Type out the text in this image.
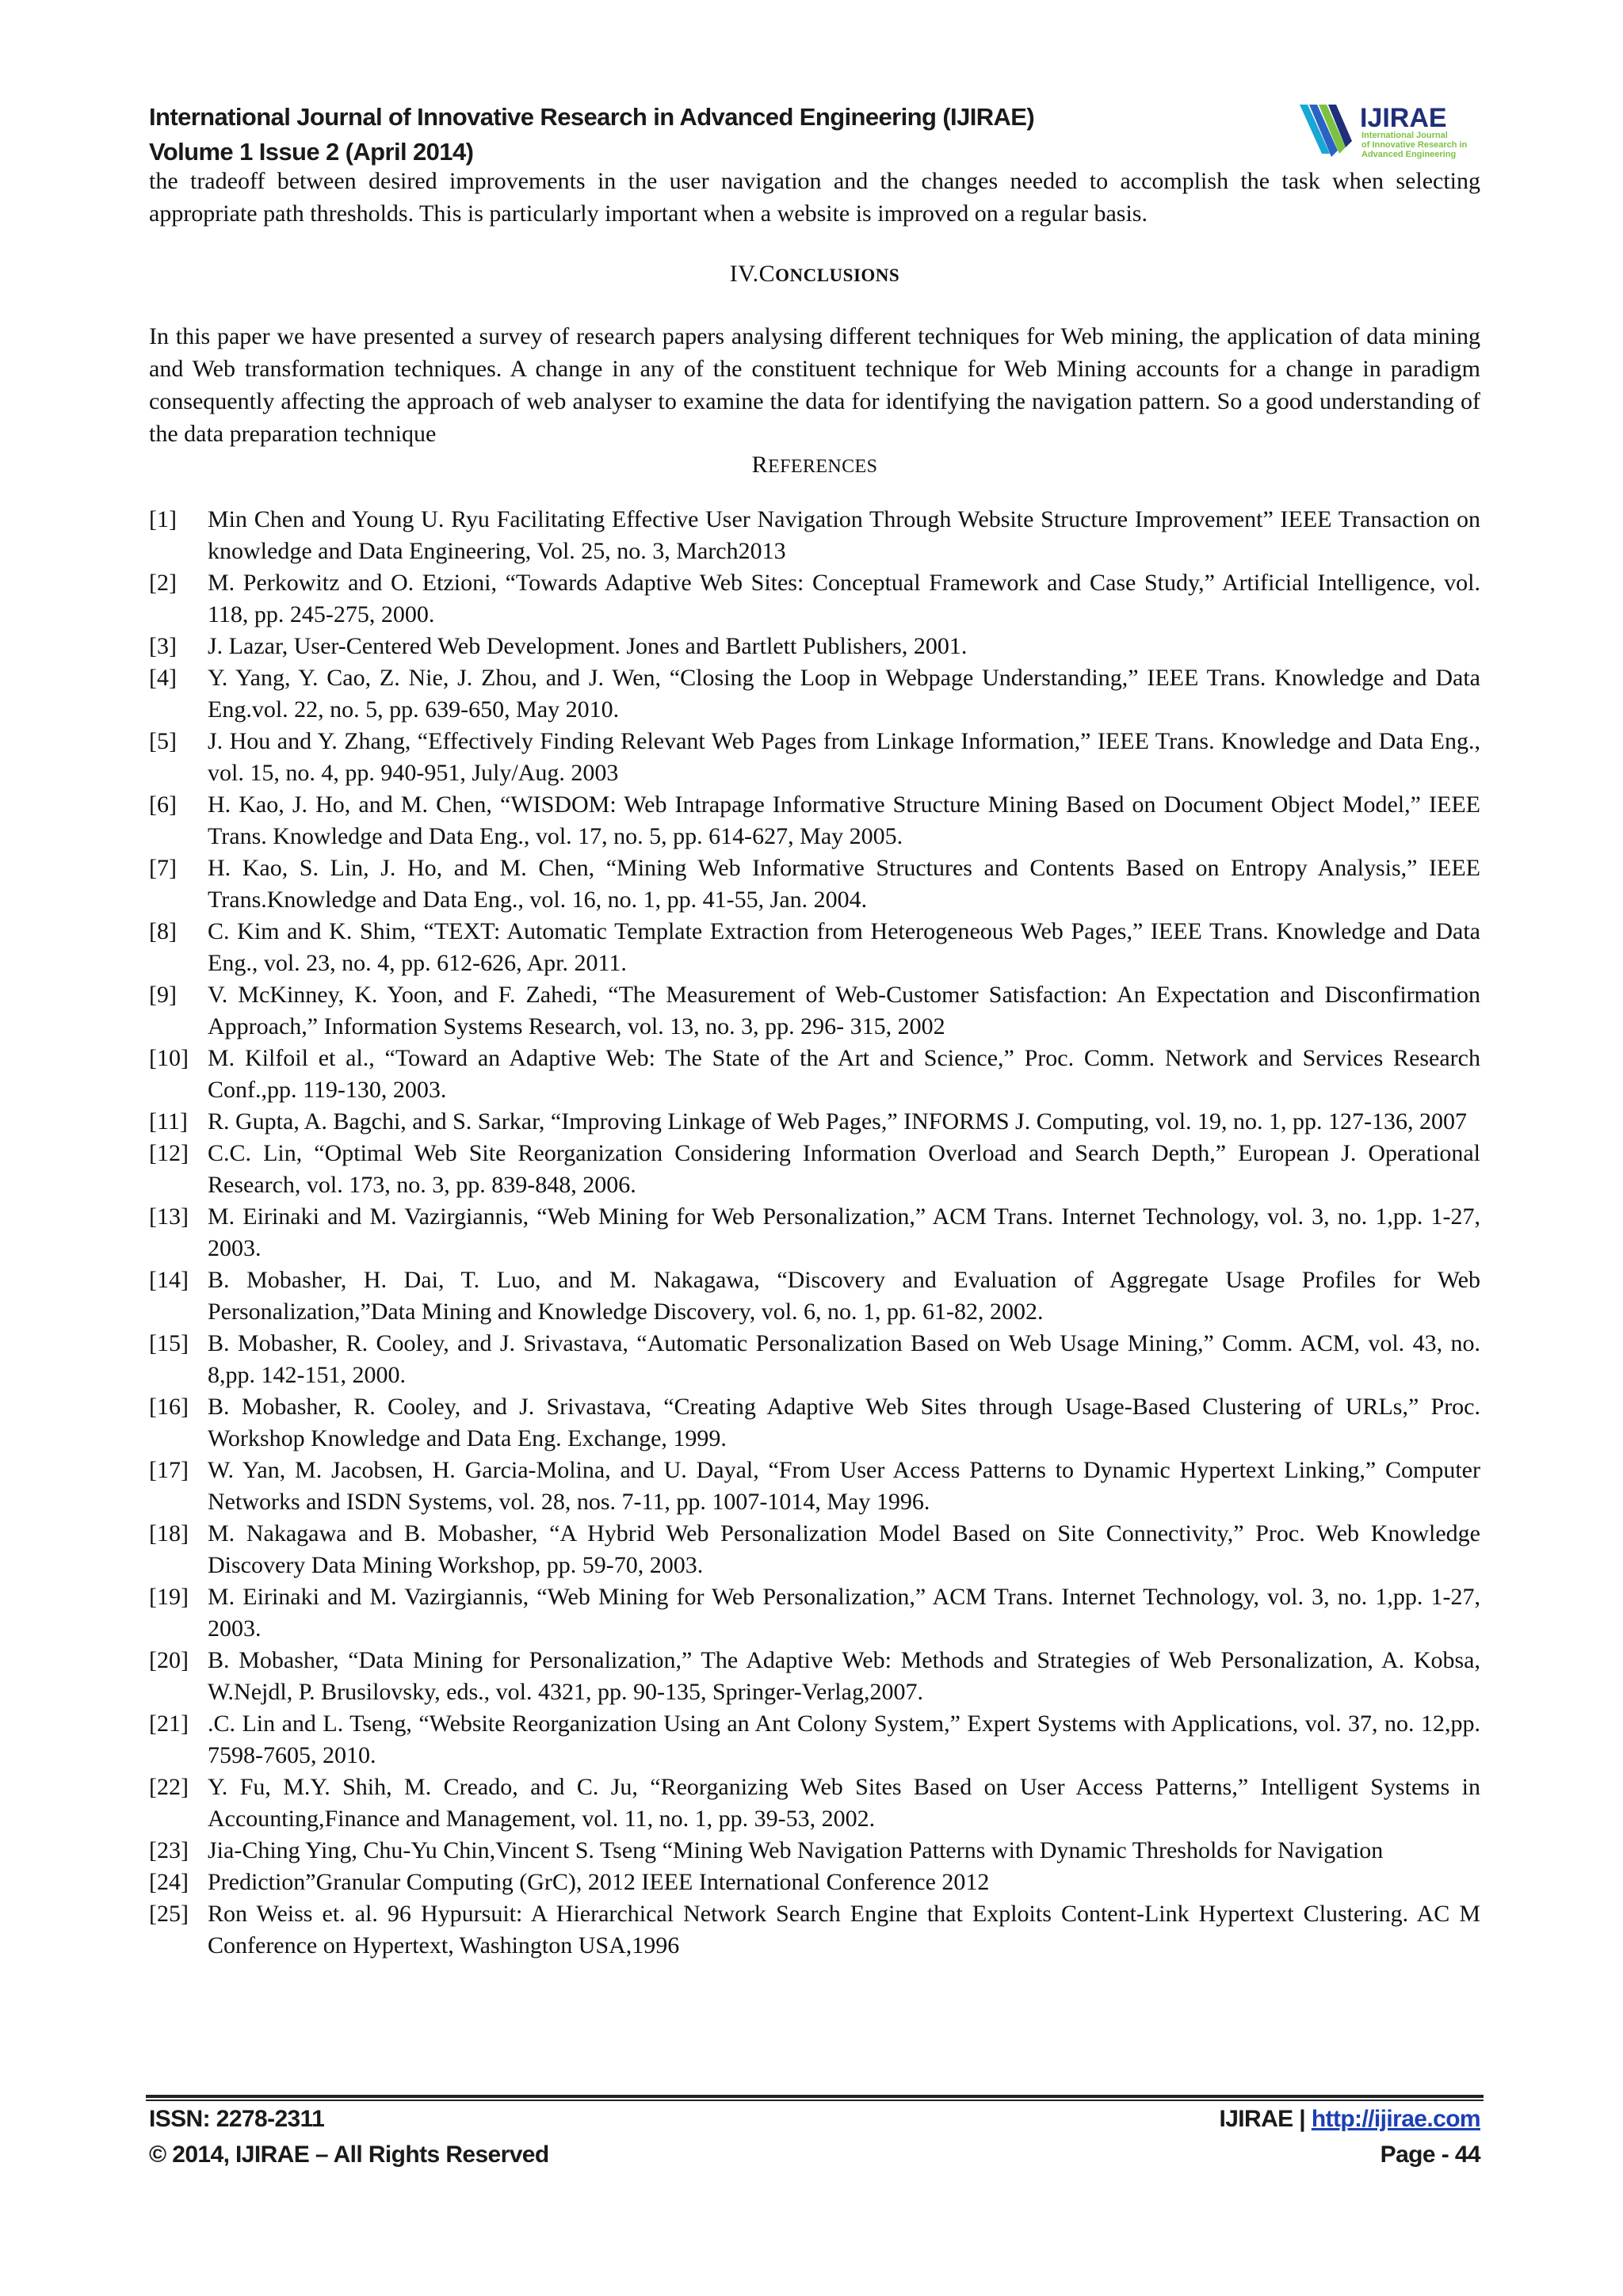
International Journal of Innovative Research in Advanced Engineering (IJIRAE)
Volume 1 Issue 2 (April 2014)
IJIRAE
International Journal
of Innovative Research in
Advanced Engineering

the tradeoff between desired improvements in the user navigation and the changes needed to accomplish the task when selecting appropriate path thresholds. This is particularly important when a website is improved on a regular basis.

IV.CONCLUSIONS

In this paper we have presented a survey of research papers analysing different techniques for Web mining, the application of data mining and Web transformation techniques. A change in any of the constituent technique for Web Mining accounts for a change in paradigm consequently affecting the approach of web analyser to examine the data for identifying the navigation pattern. So a good understanding of the data preparation technique

REFERENCES

[1]	Min Chen and Young U. Ryu Facilitating Effective User Navigation Through Website Structure Improvement” IEEE Transaction on knowledge and Data Engineering, Vol. 25, no. 3, March2013
[2]	M. Perkowitz and O. Etzioni, “Towards Adaptive Web Sites: Conceptual Framework and Case Study,” Artificial Intelligence, vol. 118, pp. 245-275, 2000.
[3]	J. Lazar, User-Centered Web Development. Jones and Bartlett Publishers, 2001.
[4]	Y. Yang, Y. Cao, Z. Nie, J. Zhou, and J. Wen, “Closing the Loop in Webpage Understanding,” IEEE Trans. Knowledge and Data Eng.vol. 22, no. 5, pp. 639-650, May 2010.
[5]	J. Hou and Y. Zhang, “Effectively Finding Relevant Web Pages from Linkage Information,” IEEE Trans. Knowledge and Data Eng., vol. 15, no. 4, pp. 940-951, July/Aug. 2003
[6]	H. Kao, J. Ho, and M. Chen, “WISDOM: Web Intrapage Informative Structure Mining Based on Document Object Model,” IEEE Trans. Knowledge and Data Eng., vol. 17, no. 5, pp. 614-627, May 2005.
[7]	H. Kao, S. Lin, J. Ho, and M. Chen, “Mining Web Informative Structures and Contents Based on Entropy Analysis,” IEEE Trans.Knowledge and Data Eng., vol. 16, no. 1, pp. 41-55, Jan. 2004.
[8]	C. Kim and K. Shim, “TEXT: Automatic Template Extraction from Heterogeneous Web Pages,” IEEE Trans. Knowledge and Data Eng., vol. 23, no. 4, pp. 612-626, Apr. 2011.
[9]	V. McKinney, K. Yoon, and F. Zahedi, “The Measurement of Web-Customer Satisfaction: An Expectation and Disconfirmation Approach,” Information Systems Research, vol. 13, no. 3, pp. 296- 315, 2002
[10] M. Kilfoil et al., “Toward an Adaptive Web: The State of the Art and Science,” Proc. Comm. Network and Services Research Conf.,pp. 119-130, 2003.
[11] R. Gupta, A. Bagchi, and S. Sarkar, “Improving Linkage of Web Pages,” INFORMS J. Computing, vol. 19, no. 1, pp. 127-136, 2007
[12] C.C. Lin, “Optimal Web Site Reorganization Considering Information Overload and Search Depth,” European J. Operational Research, vol. 173, no. 3, pp. 839-848, 2006.
[13] M. Eirinaki and M. Vazirgiannis, “Web Mining for Web Personalization,” ACM Trans. Internet Technology, vol. 3, no. 1,pp. 1-27, 2003.
[14] B. Mobasher, H. Dai, T. Luo, and M. Nakagawa, “Discovery and Evaluation of Aggregate Usage Profiles for Web Personalization,”Data Mining and Knowledge Discovery, vol. 6, no. 1, pp. 61-82, 2002.
[15] B. Mobasher, R. Cooley, and J. Srivastava, “Automatic Personalization Based on Web Usage Mining,” Comm. ACM, vol. 43, no. 8,pp. 142-151, 2000.
[16] B. Mobasher, R. Cooley, and J. Srivastava, “Creating Adaptive Web Sites through Usage-Based Clustering of URLs,” Proc. Workshop Knowledge and Data Eng. Exchange, 1999.
[17] W. Yan, M. Jacobsen, H. Garcia-Molina, and U. Dayal, “From User Access Patterns to Dynamic Hypertext Linking,” Computer Networks and ISDN Systems, vol. 28, nos. 7-11, pp. 1007-1014, May 1996.
[18] M. Nakagawa and B. Mobasher, “A Hybrid Web Personalization Model Based on Site Connectivity,” Proc. Web Knowledge Discovery Data Mining Workshop, pp. 59-70, 2003.
[19] M. Eirinaki and M. Vazirgiannis, “Web Mining for Web Personalization,” ACM Trans. Internet Technology, vol. 3, no. 1,pp. 1-27, 2003.
[20] B. Mobasher, “Data Mining for Personalization,” The Adaptive Web: Methods and Strategies of Web Personalization, A. Kobsa, W.Nejdl, P. Brusilovsky, eds., vol. 4321, pp. 90-135, Springer-Verlag,2007.
[21] .C. Lin and L. Tseng, “Website Reorganization Using an Ant Colony System,” Expert Systems with Applications, vol. 37, no. 12,pp. 7598-7605, 2010.
[22] Y. Fu, M.Y. Shih, M. Creado, and C. Ju, “Reorganizing Web Sites Based on User Access Patterns,” Intelligent Systems in Accounting,Finance and Management, vol. 11, no. 1, pp. 39-53, 2002.
[23] Jia-Ching Ying, Chu-Yu Chin,Vincent S. Tseng “Mining Web Navigation Patterns with Dynamic Thresholds for Navigation
[24] Prediction”Granular Computing (GrC), 2012 IEEE International Conference 2012
[25] Ron Weiss et. al. 96 Hypursuit: A Hierarchical Network Search Engine that Exploits Content-Link Hypertext Clustering. AC M Conference on Hypertext, Washington USA,1996
ISSN: 2278-2311	IJIRAE | http://ijirae.com
© 2014, IJIRAE – All Rights Reserved	Page - 44
